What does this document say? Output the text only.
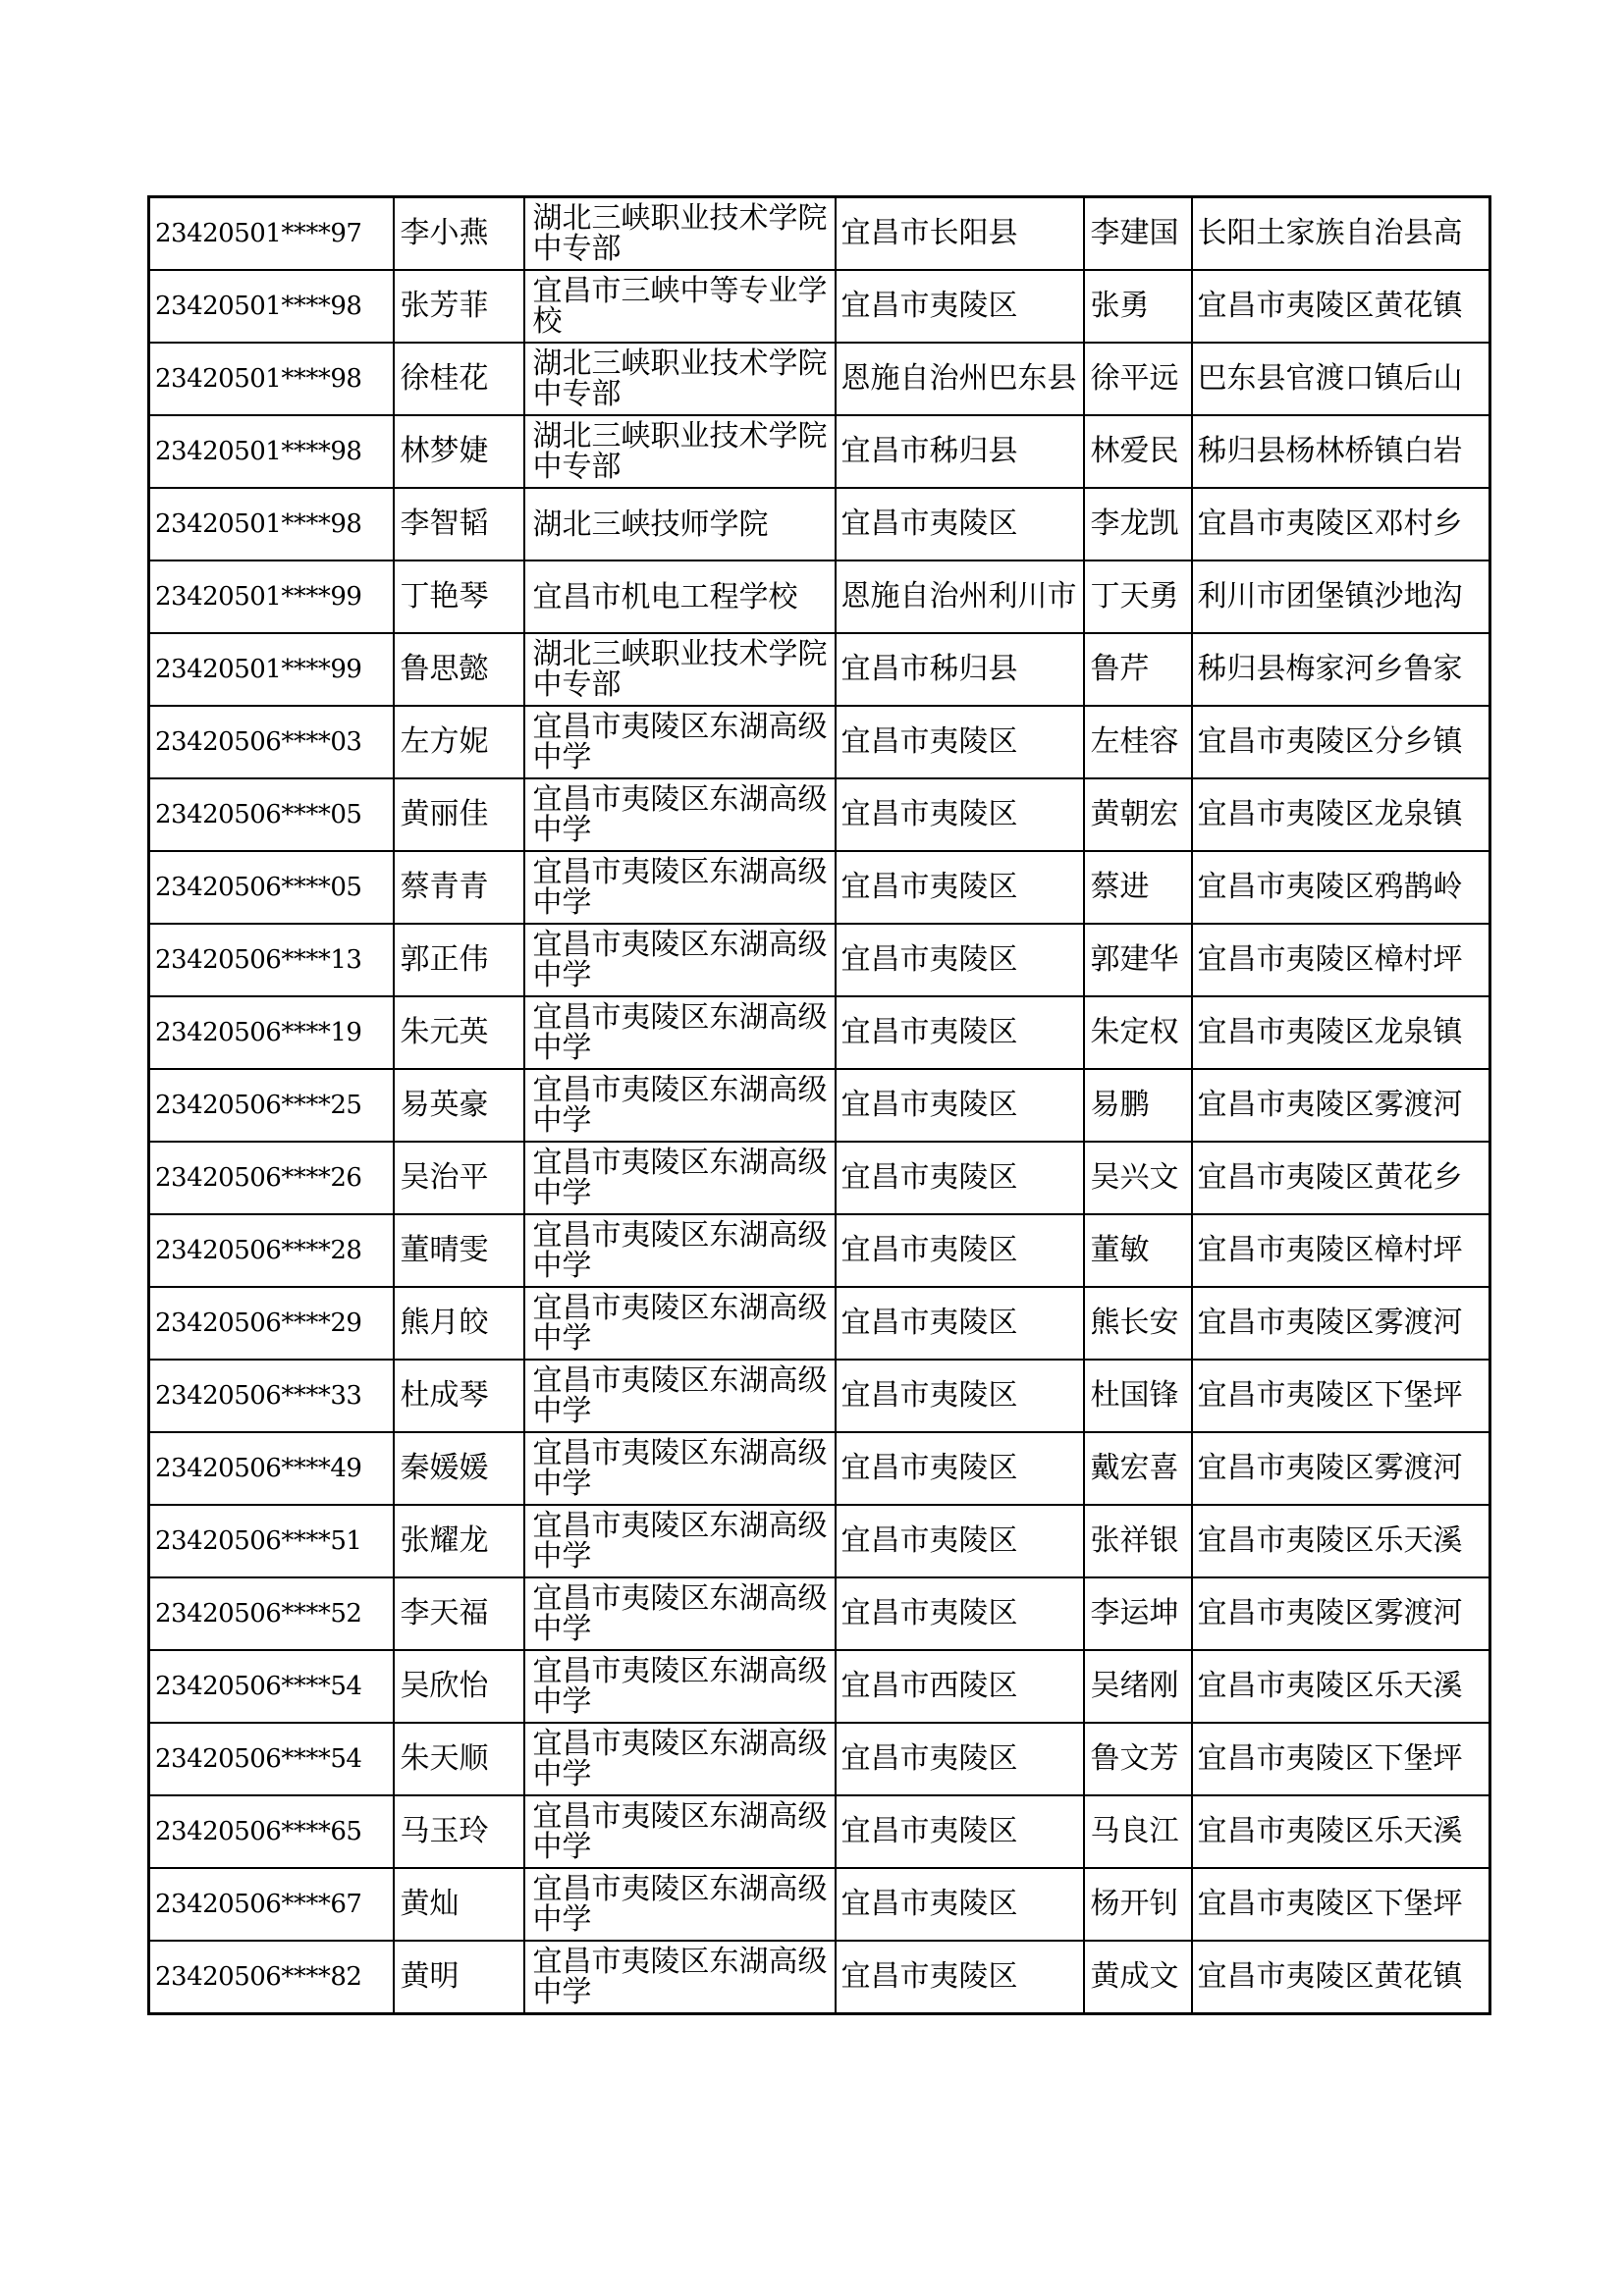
23420501****97	李小燕	湖北三峡职业技术学院中专部	宜昌市长阳县	李建国	长阳土家族自治县高
23420501****98	张芳菲	宜昌市三峡中等专业学校	宜昌市夷陵区	张勇	宜昌市夷陵区黄花镇
23420501****98	徐桂花	湖北三峡职业技术学院中专部	恩施自治州巴东县	徐平远	巴东县官渡口镇后山
23420501****98	林梦婕	湖北三峡职业技术学院中专部	宜昌市秭归县	林爱民	秭归县杨林桥镇白岩
23420501****98	李智韬	湖北三峡技师学院	宜昌市夷陵区	李龙凯	宜昌市夷陵区邓村乡
23420501****99	丁艳琴	宜昌市机电工程学校	恩施自治州利川市	丁天勇	利川市团堡镇沙地沟
23420501****99	鲁思懿	湖北三峡职业技术学院中专部	宜昌市秭归县	鲁芹	秭归县梅家河乡鲁家
23420506****03	左方妮	宜昌市夷陵区东湖高级中学	宜昌市夷陵区	左桂容	宜昌市夷陵区分乡镇
23420506****05	黄丽佳	宜昌市夷陵区东湖高级中学	宜昌市夷陵区	黄朝宏	宜昌市夷陵区龙泉镇
23420506****05	蔡青青	宜昌市夷陵区东湖高级中学	宜昌市夷陵区	蔡进	宜昌市夷陵区鸦鹊岭
23420506****13	郭正伟	宜昌市夷陵区东湖高级中学	宜昌市夷陵区	郭建华	宜昌市夷陵区樟村坪
23420506****19	朱元英	宜昌市夷陵区东湖高级中学	宜昌市夷陵区	朱定权	宜昌市夷陵区龙泉镇
23420506****25	易英豪	宜昌市夷陵区东湖高级中学	宜昌市夷陵区	易鹏	宜昌市夷陵区雾渡河
23420506****26	吴治平	宜昌市夷陵区东湖高级中学	宜昌市夷陵区	吴兴文	宜昌市夷陵区黄花乡
23420506****28	董晴雯	宜昌市夷陵区东湖高级中学	宜昌市夷陵区	董敏	宜昌市夷陵区樟村坪
23420506****29	熊月皎	宜昌市夷陵区东湖高级中学	宜昌市夷陵区	熊长安	宜昌市夷陵区雾渡河
23420506****33	杜成琴	宜昌市夷陵区东湖高级中学	宜昌市夷陵区	杜国锋	宜昌市夷陵区下堡坪
23420506****49	秦媛媛	宜昌市夷陵区东湖高级中学	宜昌市夷陵区	戴宏喜	宜昌市夷陵区雾渡河
23420506****51	张耀龙	宜昌市夷陵区东湖高级中学	宜昌市夷陵区	张祥银	宜昌市夷陵区乐天溪
23420506****52	李天福	宜昌市夷陵区东湖高级中学	宜昌市夷陵区	李运坤	宜昌市夷陵区雾渡河
23420506****54	吴欣怡	宜昌市夷陵区东湖高级中学	宜昌市西陵区	吴绪刚	宜昌市夷陵区乐天溪
23420506****54	朱天顺	宜昌市夷陵区东湖高级中学	宜昌市夷陵区	鲁文芳	宜昌市夷陵区下堡坪
23420506****65	马玉玲	宜昌市夷陵区东湖高级中学	宜昌市夷陵区	马良江	宜昌市夷陵区乐天溪
23420506****67	黄灿	宜昌市夷陵区东湖高级中学	宜昌市夷陵区	杨开钊	宜昌市夷陵区下堡坪
23420506****82	黄明	宜昌市夷陵区东湖高级中学	宜昌市夷陵区	黄成文	宜昌市夷陵区黄花镇
